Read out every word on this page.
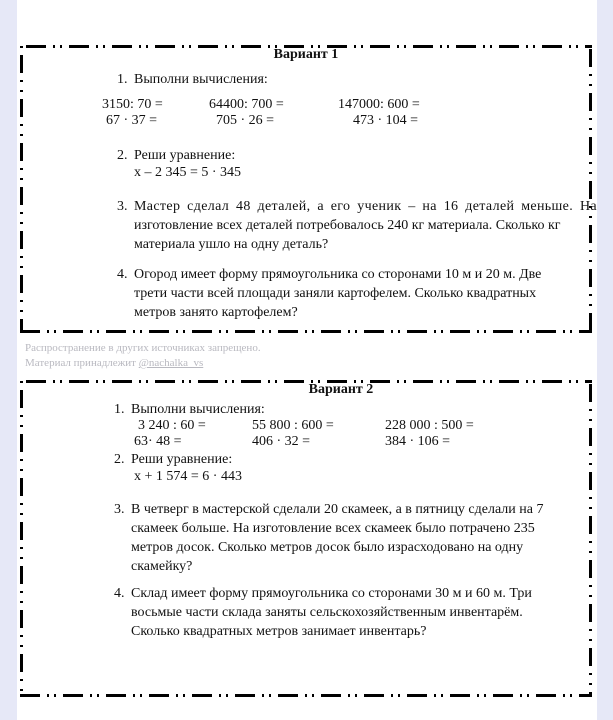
Вариант 1
1. Выполни вычисления:
3150: 70 =	64400: 700 =	147000: 600 =
67 · 37 =	705 · 26 =	473 · 104 =
2. Реши уравнение:
x – 2 345 = 5 · 345
3. Мастер сделал 48 деталей, а его ученик – на 16 деталей меньше. На
изготовление всех деталей потребовалось 240 кг материала. Сколько кг
материала ушло на одну деталь?
4. Огород имеет форму прямоугольника со сторонами 10 м и 20 м. Две
трети части всей площади заняли картофелем. Сколько квадратных
метров занято картофелем?
Распространение в других источниках запрещено.
Материал принадлежит @nachalka_vs
Вариант 2
1. Выполни вычисления:
3 240 : 60 =	55 800 : 600 =	228 000 : 500 =
63· 48 =	406 · 32 =	384 · 106 =
2. Реши уравнение:
x + 1 574 = 6 · 443
3. В четверг в мастерской сделали 20 скамеек, а в пятницу сделали на 7
скамеек больше. На изготовление всех скамеек было потрачено 235
метров досок. Сколько метров досок было израсходовано на одну
скамейку?
4. Склад имеет форму прямоугольника со сторонами 30 м и 60 м. Три
восьмые части склада заняты сельскохозяйственным инвентарём.
Сколько квадратных метров занимает инвентарь?
